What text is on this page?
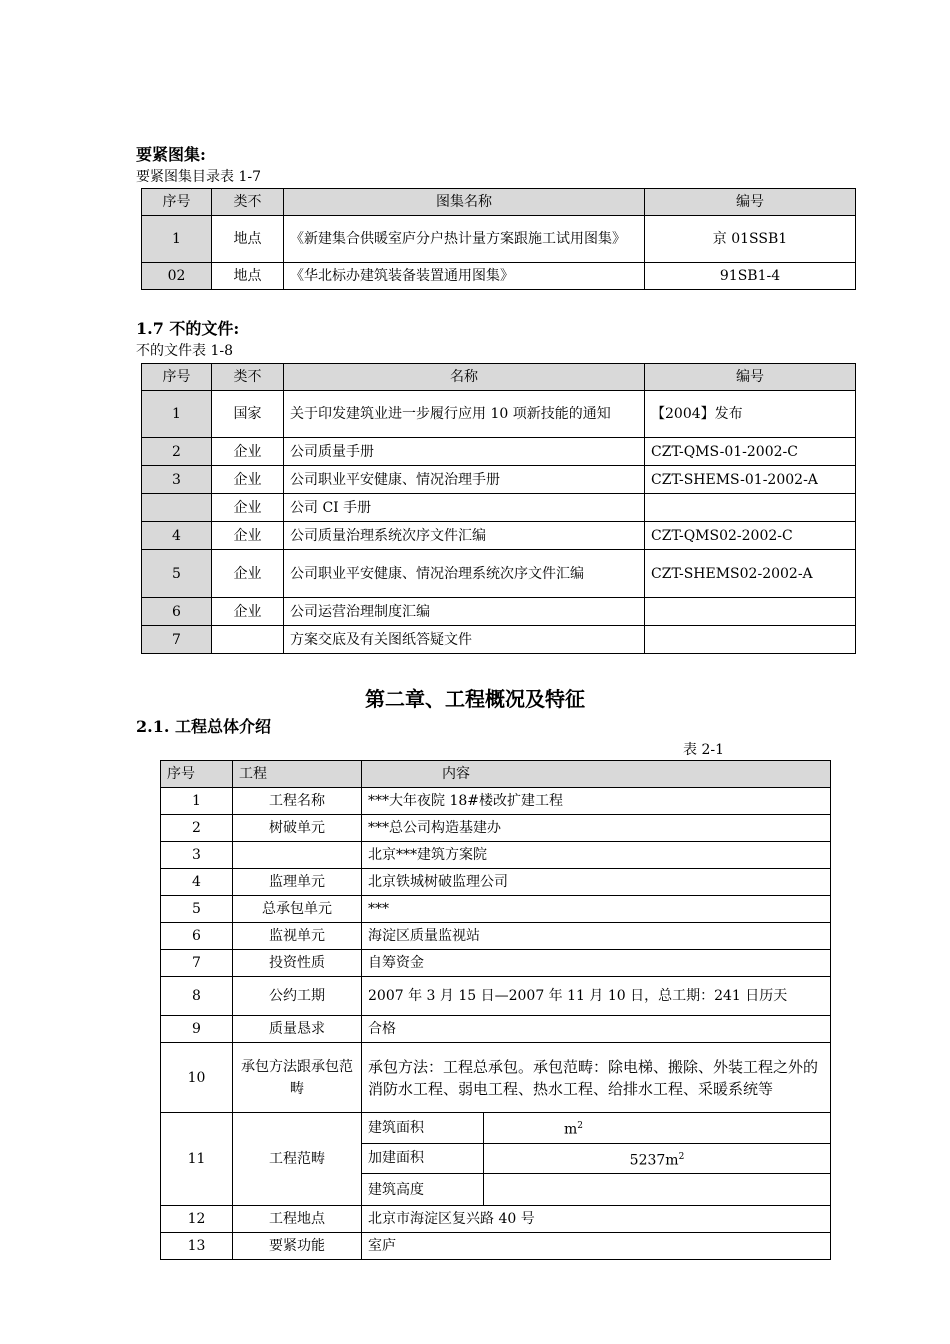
要紧图集:
要紧图集目录表 1-7
序号	类不	图集名称	编号
1	地点	《新建集合供暖室庐分户热计量方案跟施工试用图集》	京 01SSB1
02	地点	《华北标办建筑装备装置通用图集》	91SB1-4
1.7 不的文件:
不的文件表 1-8
序号	类不	名称	编号
1	国家	关于印发建筑业进一步履行应用 10 项新技能的通知	【2004】发布
2	企业	公司质量手册	CZT-QMS-01-2002-C
3	企业	公司职业平安健康、情况治理手册	CZT-SHEMS-01-2002-A
	企业	公司 CI 手册	
4	企业	公司质量治理系统次序文件汇编	CZT-QMS02-2002-C
5	企业	公司职业平安健康、情况治理系统次序文件汇编	CZT-SHEMS02-2002-A
6	企业	公司运营治理制度汇编	
7		方案交底及有关图纸答疑文件	
第二章、工程概况及特征
2.1. 工程总体介绍
表 2-1
序号	工程	内容	
1	工程名称	***大年夜院 18#楼改扩建工程	
2	树破单元	***总公司构造基建办	
3		北京***建筑方案院	
4	监理单元	北京铁城树破监理公司	
5	总承包单元	***	
6	监视单元	海淀区质量监视站	
7	投资性质	自筹资金	
8	公约工期	2007 年 3 月 15 日—2007 年 11 月 10 日，总工期：241 日历天	
9	质量恳求	合格	
10	承包方法跟承包范畴	承包方法：工程总承包。承包范畴：除电梯、搬除、外装工程之外的消防水工程、弱电工程、热水工程、给排水工程、采暖系统等	
11	工程范畴	建筑面积	$m^2$
		加建面积	$5237m^2$
		建筑高度	
12	工程地点	北京市海淀区复兴路 40 号	
13	要紧功能	室庐	
